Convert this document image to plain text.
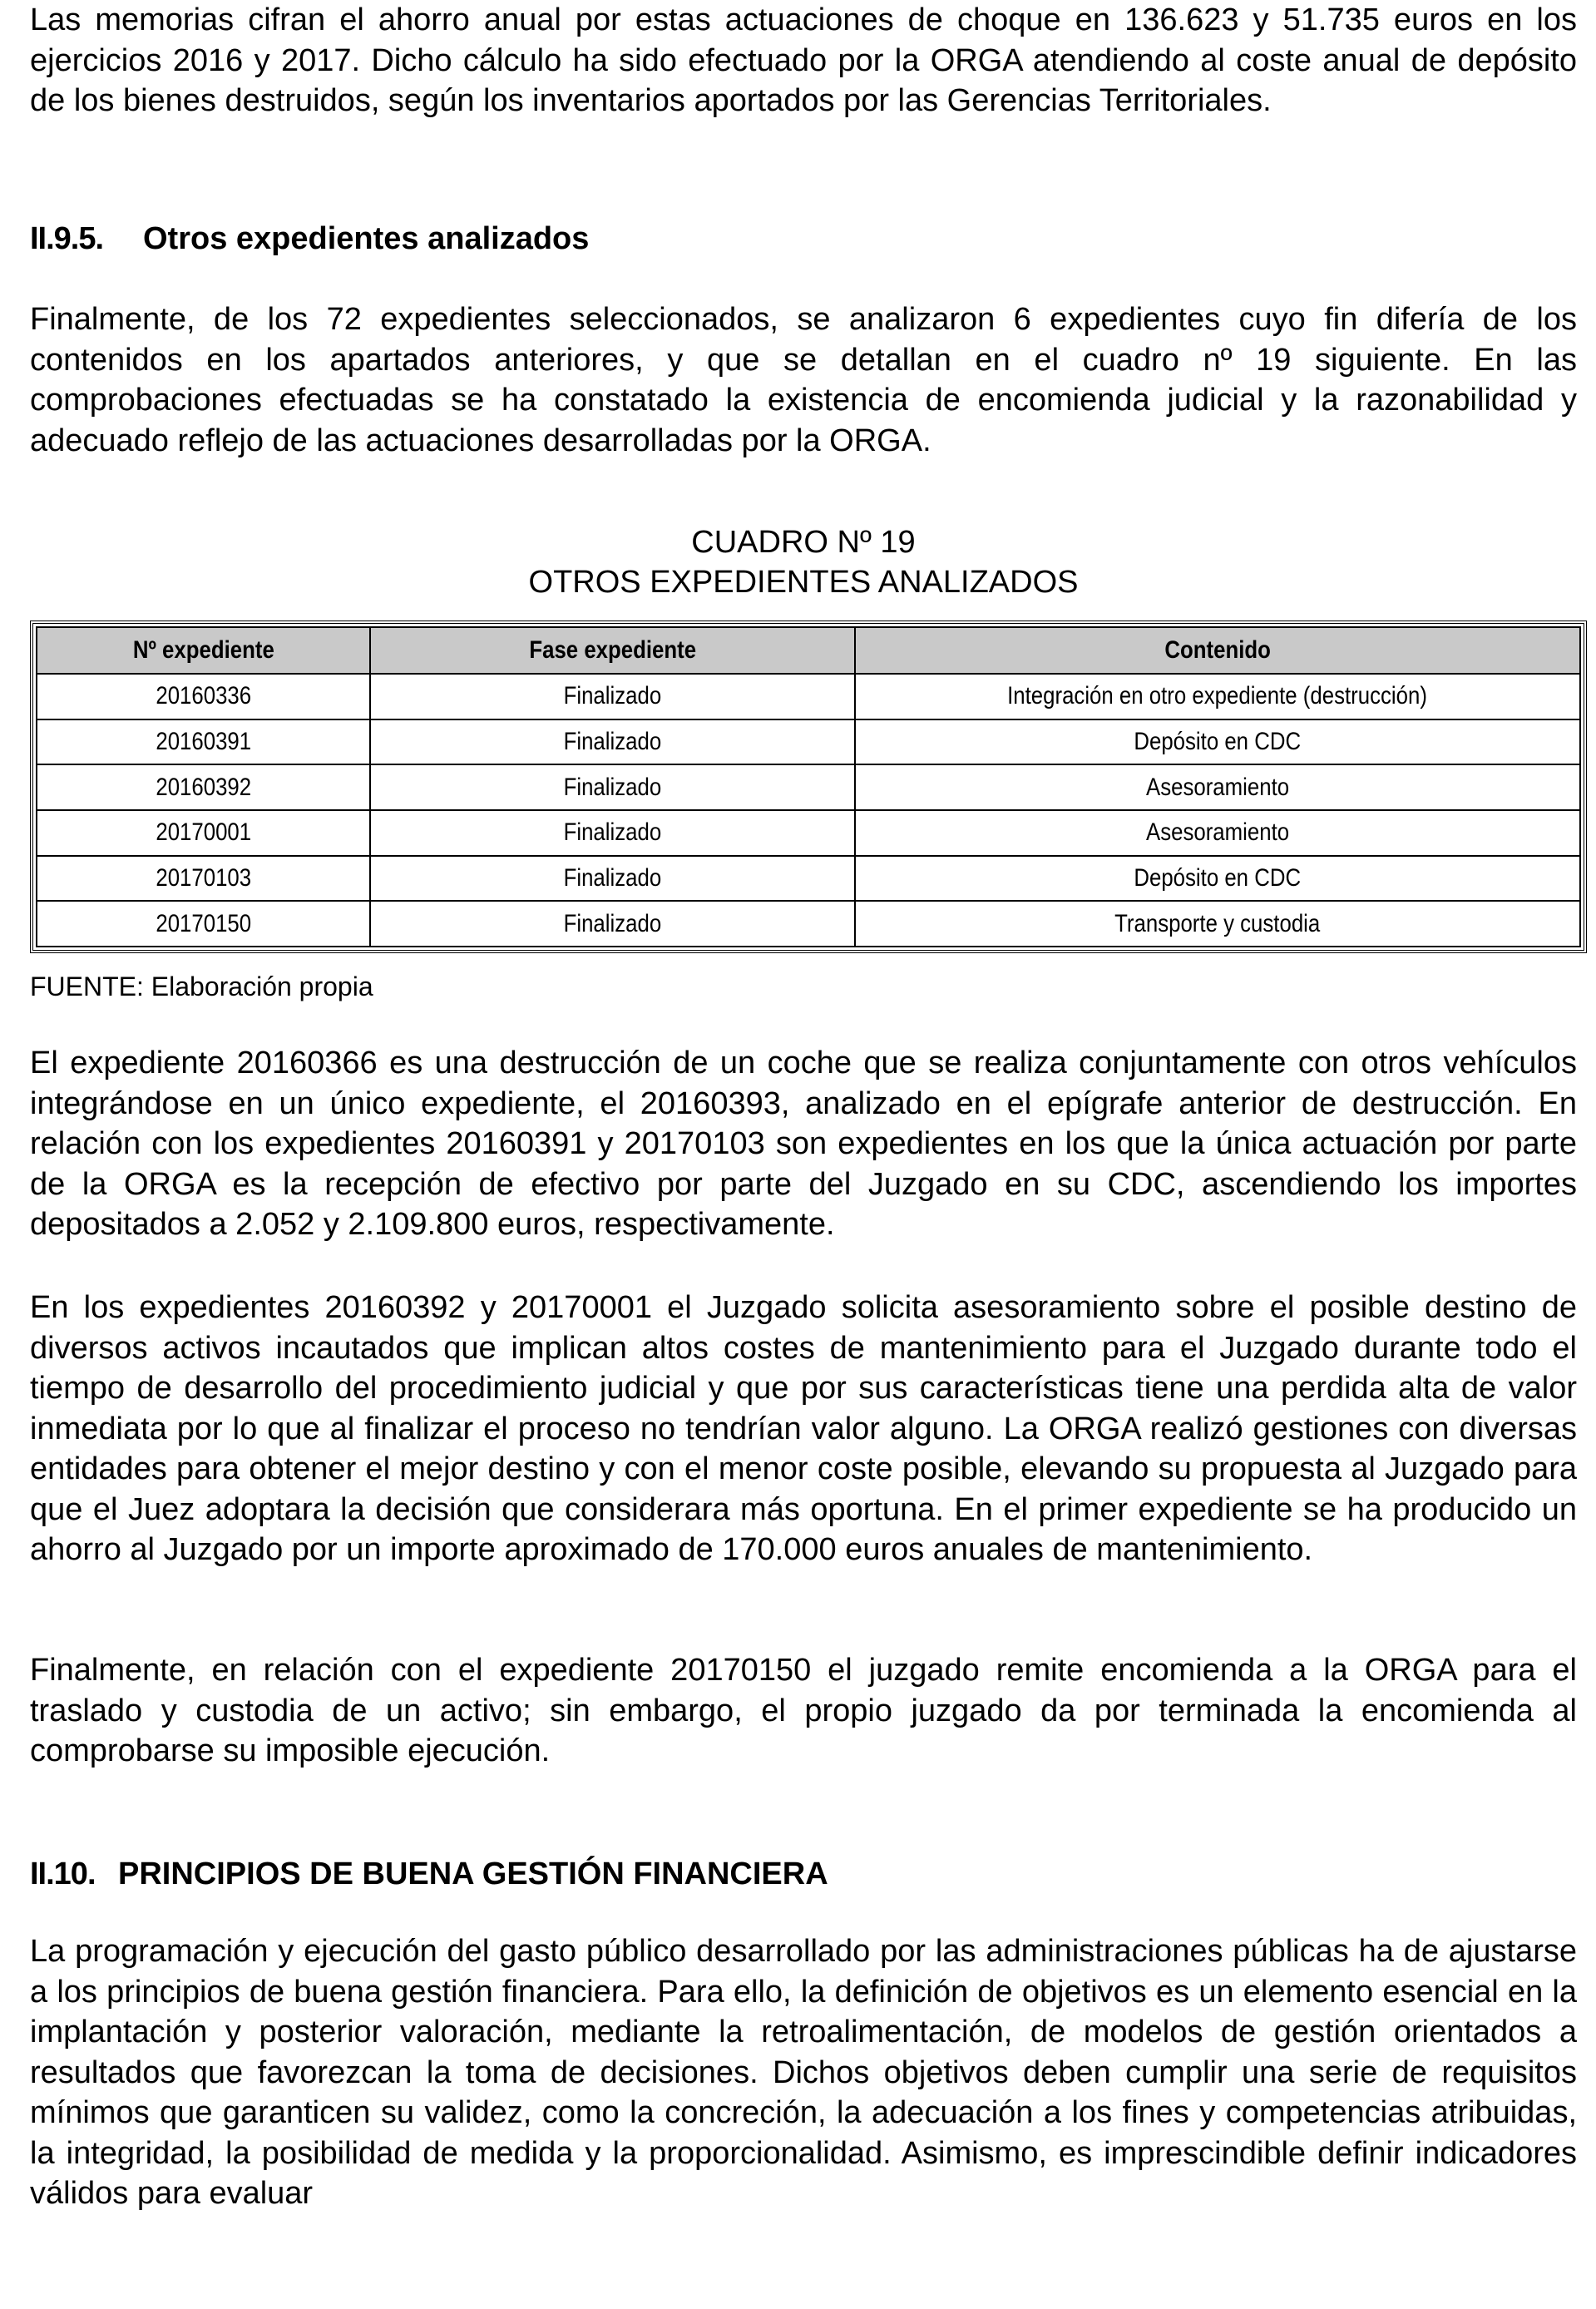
Las memorias cifran el ahorro anual por estas actuaciones de choque en 136.623 y 51.735 euros en los ejercicios 2016 y 2017. Dicho cálculo ha sido efectuado por la ORGA atendiendo al coste anual de depósito de los bienes destruidos, según los inventarios aportados por las Gerencias Territoriales.

II.9.5. Otros expedientes analizados

Finalmente, de los 72 expedientes seleccionados, se analizaron 6 expedientes cuyo fin difería de los contenidos en los apartados anteriores, y que se detallan en el cuadro nº 19 siguiente. En las comprobaciones efectuadas se ha constatado la existencia de encomienda judicial y la razonabilidad y adecuado reflejo de las actuaciones desarrolladas por la ORGA.

CUADRO Nº 19
OTROS EXPEDIENTES ANALIZADOS
Nº expediente	Fase expediente	Contenido
20160336	Finalizado	Integración en otro expediente (destrucción)
20160391	Finalizado	Depósito en CDC
20160392	Finalizado	Asesoramiento
20170001	Finalizado	Asesoramiento
20170103	Finalizado	Depósito en CDC
20170150	Finalizado	Transporte y custodia
FUENTE: Elaboración propia

El expediente 20160366 es una destrucción de un coche que se realiza conjuntamente con otros vehículos integrándose en un único expediente, el 20160393, analizado en el epígrafe anterior de destrucción. En relación con los expedientes 20160391 y 20170103 son expedientes en los que la única actuación por parte de la ORGA es la recepción de efectivo por parte del Juzgado en su CDC, ascendiendo los importes depositados a 2.052 y 2.109.800 euros, respectivamente.

En los expedientes 20160392 y 20170001 el Juzgado solicita asesoramiento sobre el posible destino de diversos activos incautados que implican altos costes de mantenimiento para el Juzgado durante todo el tiempo de desarrollo del procedimiento judicial y que por sus características tiene una perdida alta de valor inmediata por lo que al finalizar el proceso no tendrían valor alguno. La ORGA realizó gestiones con diversas entidades para obtener el mejor destino y con el menor coste posible, elevando su propuesta al Juzgado para que el Juez adoptara la decisión que considerara más oportuna. En el primer expediente se ha producido un ahorro al Juzgado por un importe aproximado de 170.000 euros anuales de mantenimiento.

Finalmente, en relación con el expediente 20170150 el juzgado remite encomienda a la ORGA para el traslado y custodia de un activo; sin embargo, el propio juzgado da por terminada la encomienda al comprobarse su imposible ejecución.

II.10. PRINCIPIOS DE BUENA GESTIÓN FINANCIERA

La programación y ejecución del gasto público desarrollado por las administraciones públicas ha de ajustarse a los principios de buena gestión financiera. Para ello, la definición de objetivos es un elemento esencial en la implantación y posterior valoración, mediante la retroalimentación, de modelos de gestión orientados a resultados que favorezcan la toma de decisiones. Dichos objetivos deben cumplir una serie de requisitos mínimos que garanticen su validez, como la concreción, la adecuación a los fines y competencias atribuidas, la integridad, la posibilidad de medida y la proporcionalidad. Asimismo, es imprescindible definir indicadores válidos para evaluar
